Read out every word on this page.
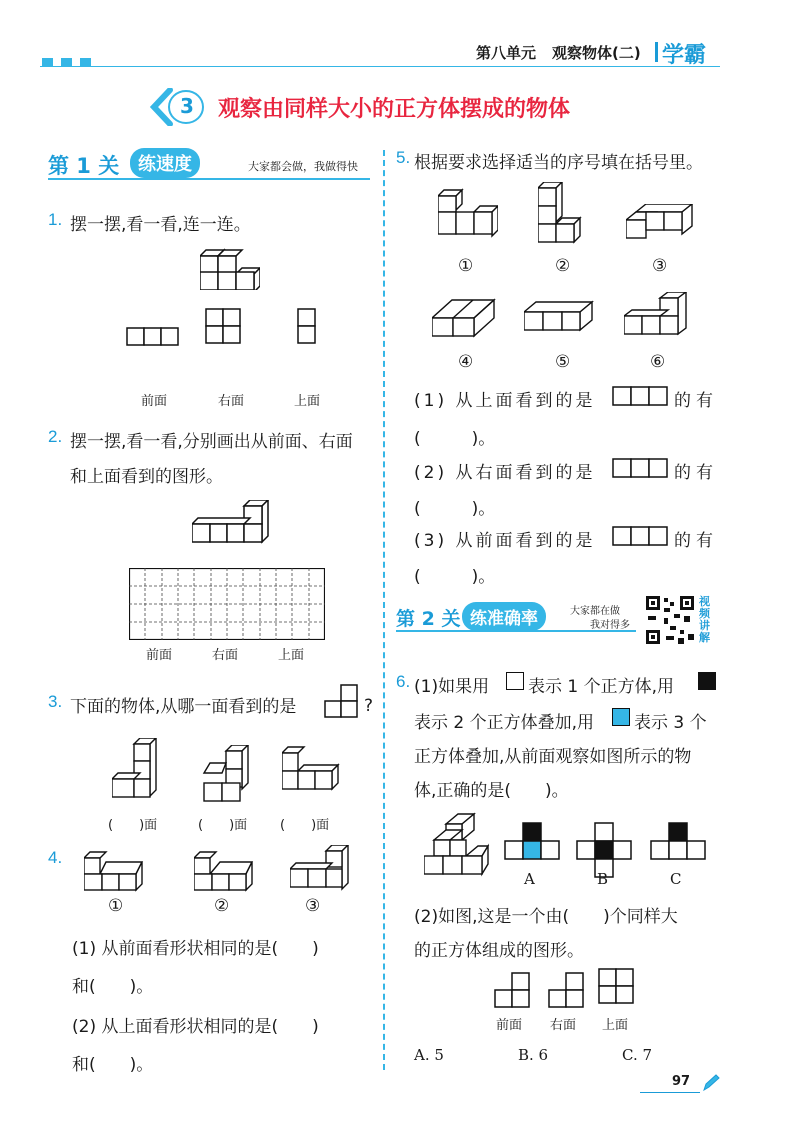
第八单元 观察物体(二) 学霸
3 观察由同样大小的正方体摆成的物体
第 1 关	练速度	大家都会做，我做得快
1. 摆一摆,看一看,连一连。
前面	右面	上面
2. 摆一摆,看一看,分别画出从前面、右面
和上面看到的图形。
前面	右面	上面
3. 下面的物体,从哪一面看到的是	?
(　　)面	(　　)面	(　　)面
4.
①	②	③
(1) 从前面看形状相同的是(　　)
和(　　)。
(2) 从上面看形状相同的是(　　)
和(　　)。
5. 根据要求选择适当的序号填在括号里。
①	②	③
④	⑤	⑥
(1) 从上面看到的是	的有
(　　　)。
(2) 从右面看到的是	的有
(　　　)。
(3) 从前面看到的是	的有
(　　　)。
第 2 关 练准确率	大家都在做
我对得多
视频讲解
6. (1)如果用 表示 1 个正方体,用
表示 2 个正方体叠加,用 表示 3 个
正方体叠加,从前面观察如图所示的物
体,正确的是(　　)。
A	B	C
(2)如图,这是一个由(　　)个同样大
的正方体组成的图形。
前面 右面 上面
A. 5	B. 6	C. 7
97
